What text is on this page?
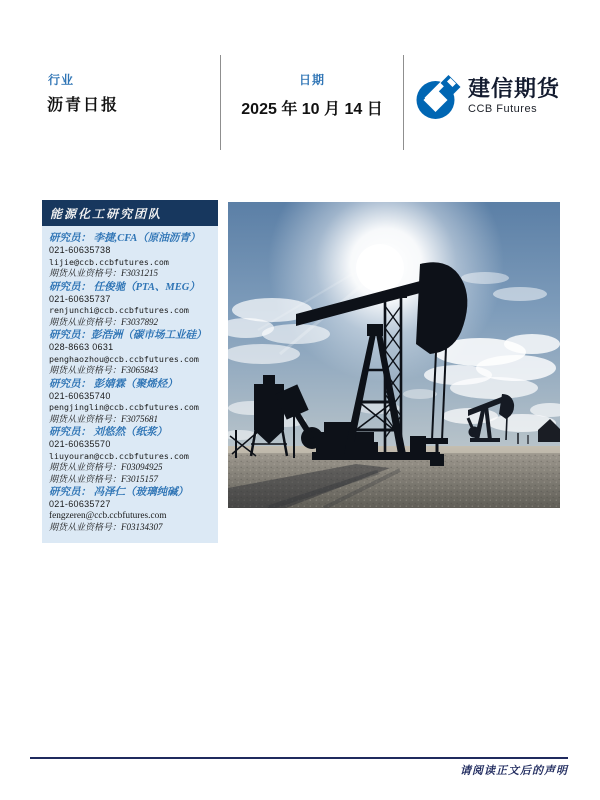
行业
沥青日报
日期
2025 年 10 月 14 日
建信期货
CCB Futures
能源化工研究团队
研究员： 李捷,CFA（原油沥青）
021-60635738
lijie@ccb.ccbfutures.com
期货从业资格号：F3031215
研究员： 任俊驰（PTA、MEG）
021-60635737
renjunchi@ccb.ccbfutures.com
期货从业资格号：F3037892
研究员：彭浩洲（碳市场工业硅）
028-8663 0631
penghaozhou@ccb.ccbfutures.com
期货从业资格号：F3065843
研究员： 彭婧霖（聚烯烃）
021-60635740
pengjinglin@ccb.ccbfutures.com
期货从业资格号：F3075681
研究员： 刘悠然（纸浆）
021-60635570
liuyouran@ccb.ccbfutures.com
期货从业资格号：F03094925
期货从业资格号：F3015157
研究员： 冯泽仁（玻璃纯碱）
021-60635727
fengzeren@ccb.ccbfutures.com
期货从业资格号：F03134307
请阅读正文后的声明
